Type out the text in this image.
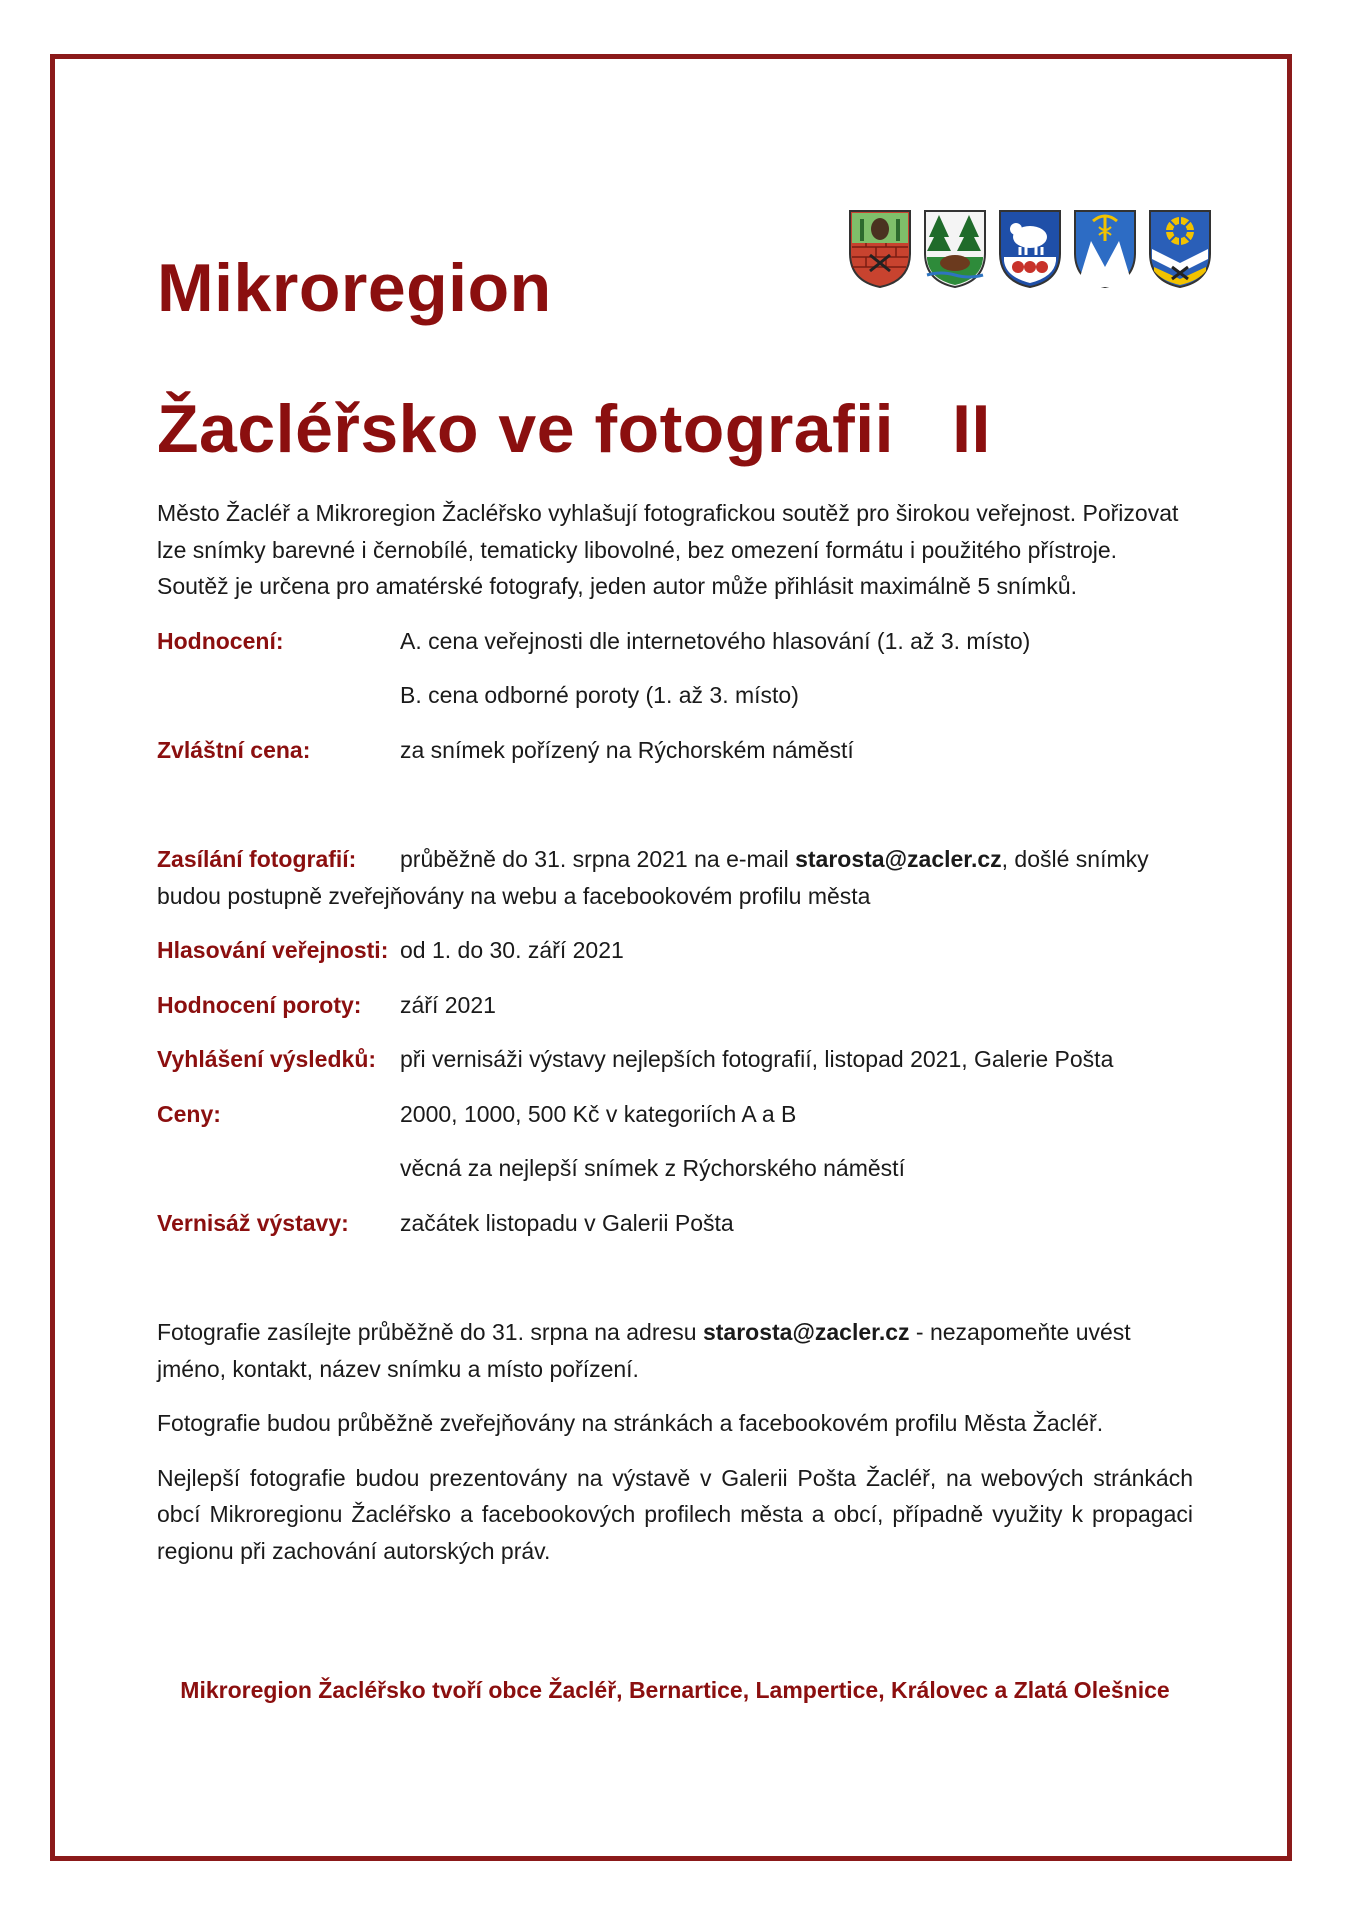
Mikroregion
Žacléřsko ve fotografii II

Město Žacléř a Mikroregion Žacléřsko vyhlašují fotografickou soutěž pro širokou veřejnost. Pořizovat lze snímky barevné i černobílé, tematicky libovolné, bez omezení formátu i použitého přístroje. Soutěž je určena pro amatérské fotografy, jeden autor může přihlásit maximálně 5 snímků.

Hodnocení:	A. cena veřejnosti dle internetového hlasování (1. až 3. místo)
B. cena odborné poroty (1. až 3. místo)
Zvláštní cena:	za snímek pořízený na Rýchorském náměstí

Zasílání fotografií: průběžně do 31. srpna 2021 na e-mail starosta@zacler.cz, došlé snímky budou postupně zveřejňovány na webu a facebookovém profilu města

Hlasování veřejnosti: od 1. do 30. září 2021
Hodnocení poroty:	září 2021
Vyhlášení výsledků:	při vernisáži výstavy nejlepších fotografií, listopad 2021, Galerie Pošta
Ceny:	2000, 1000, 500 Kč v kategoriích A a B
věcná za nejlepší snímek z Rýchorského náměstí
Vernisáž výstavy:	začátek listopadu v Galerii Pošta

Fotografie zasílejte průběžně do 31. srpna na adresu starosta@zacler.cz - nezapomeňte uvést jméno, kontakt, název snímku a místo pořízení.

Fotografie budou průběžně zveřejňovány na stránkách a facebookovém profilu Města Žacléř.

Nejlepší fotografie budou prezentovány na výstavě v Galerii Pošta Žacléř, na webových stránkách obcí Mikroregionu Žacléřsko a facebookových profilech města a obcí, případně využity k propagaci regionu při zachování autorských práv.

Mikroregion Žacléřsko tvoří obce Žacléř, Bernartice, Lampertice, Královec a Zlatá Olešnice
